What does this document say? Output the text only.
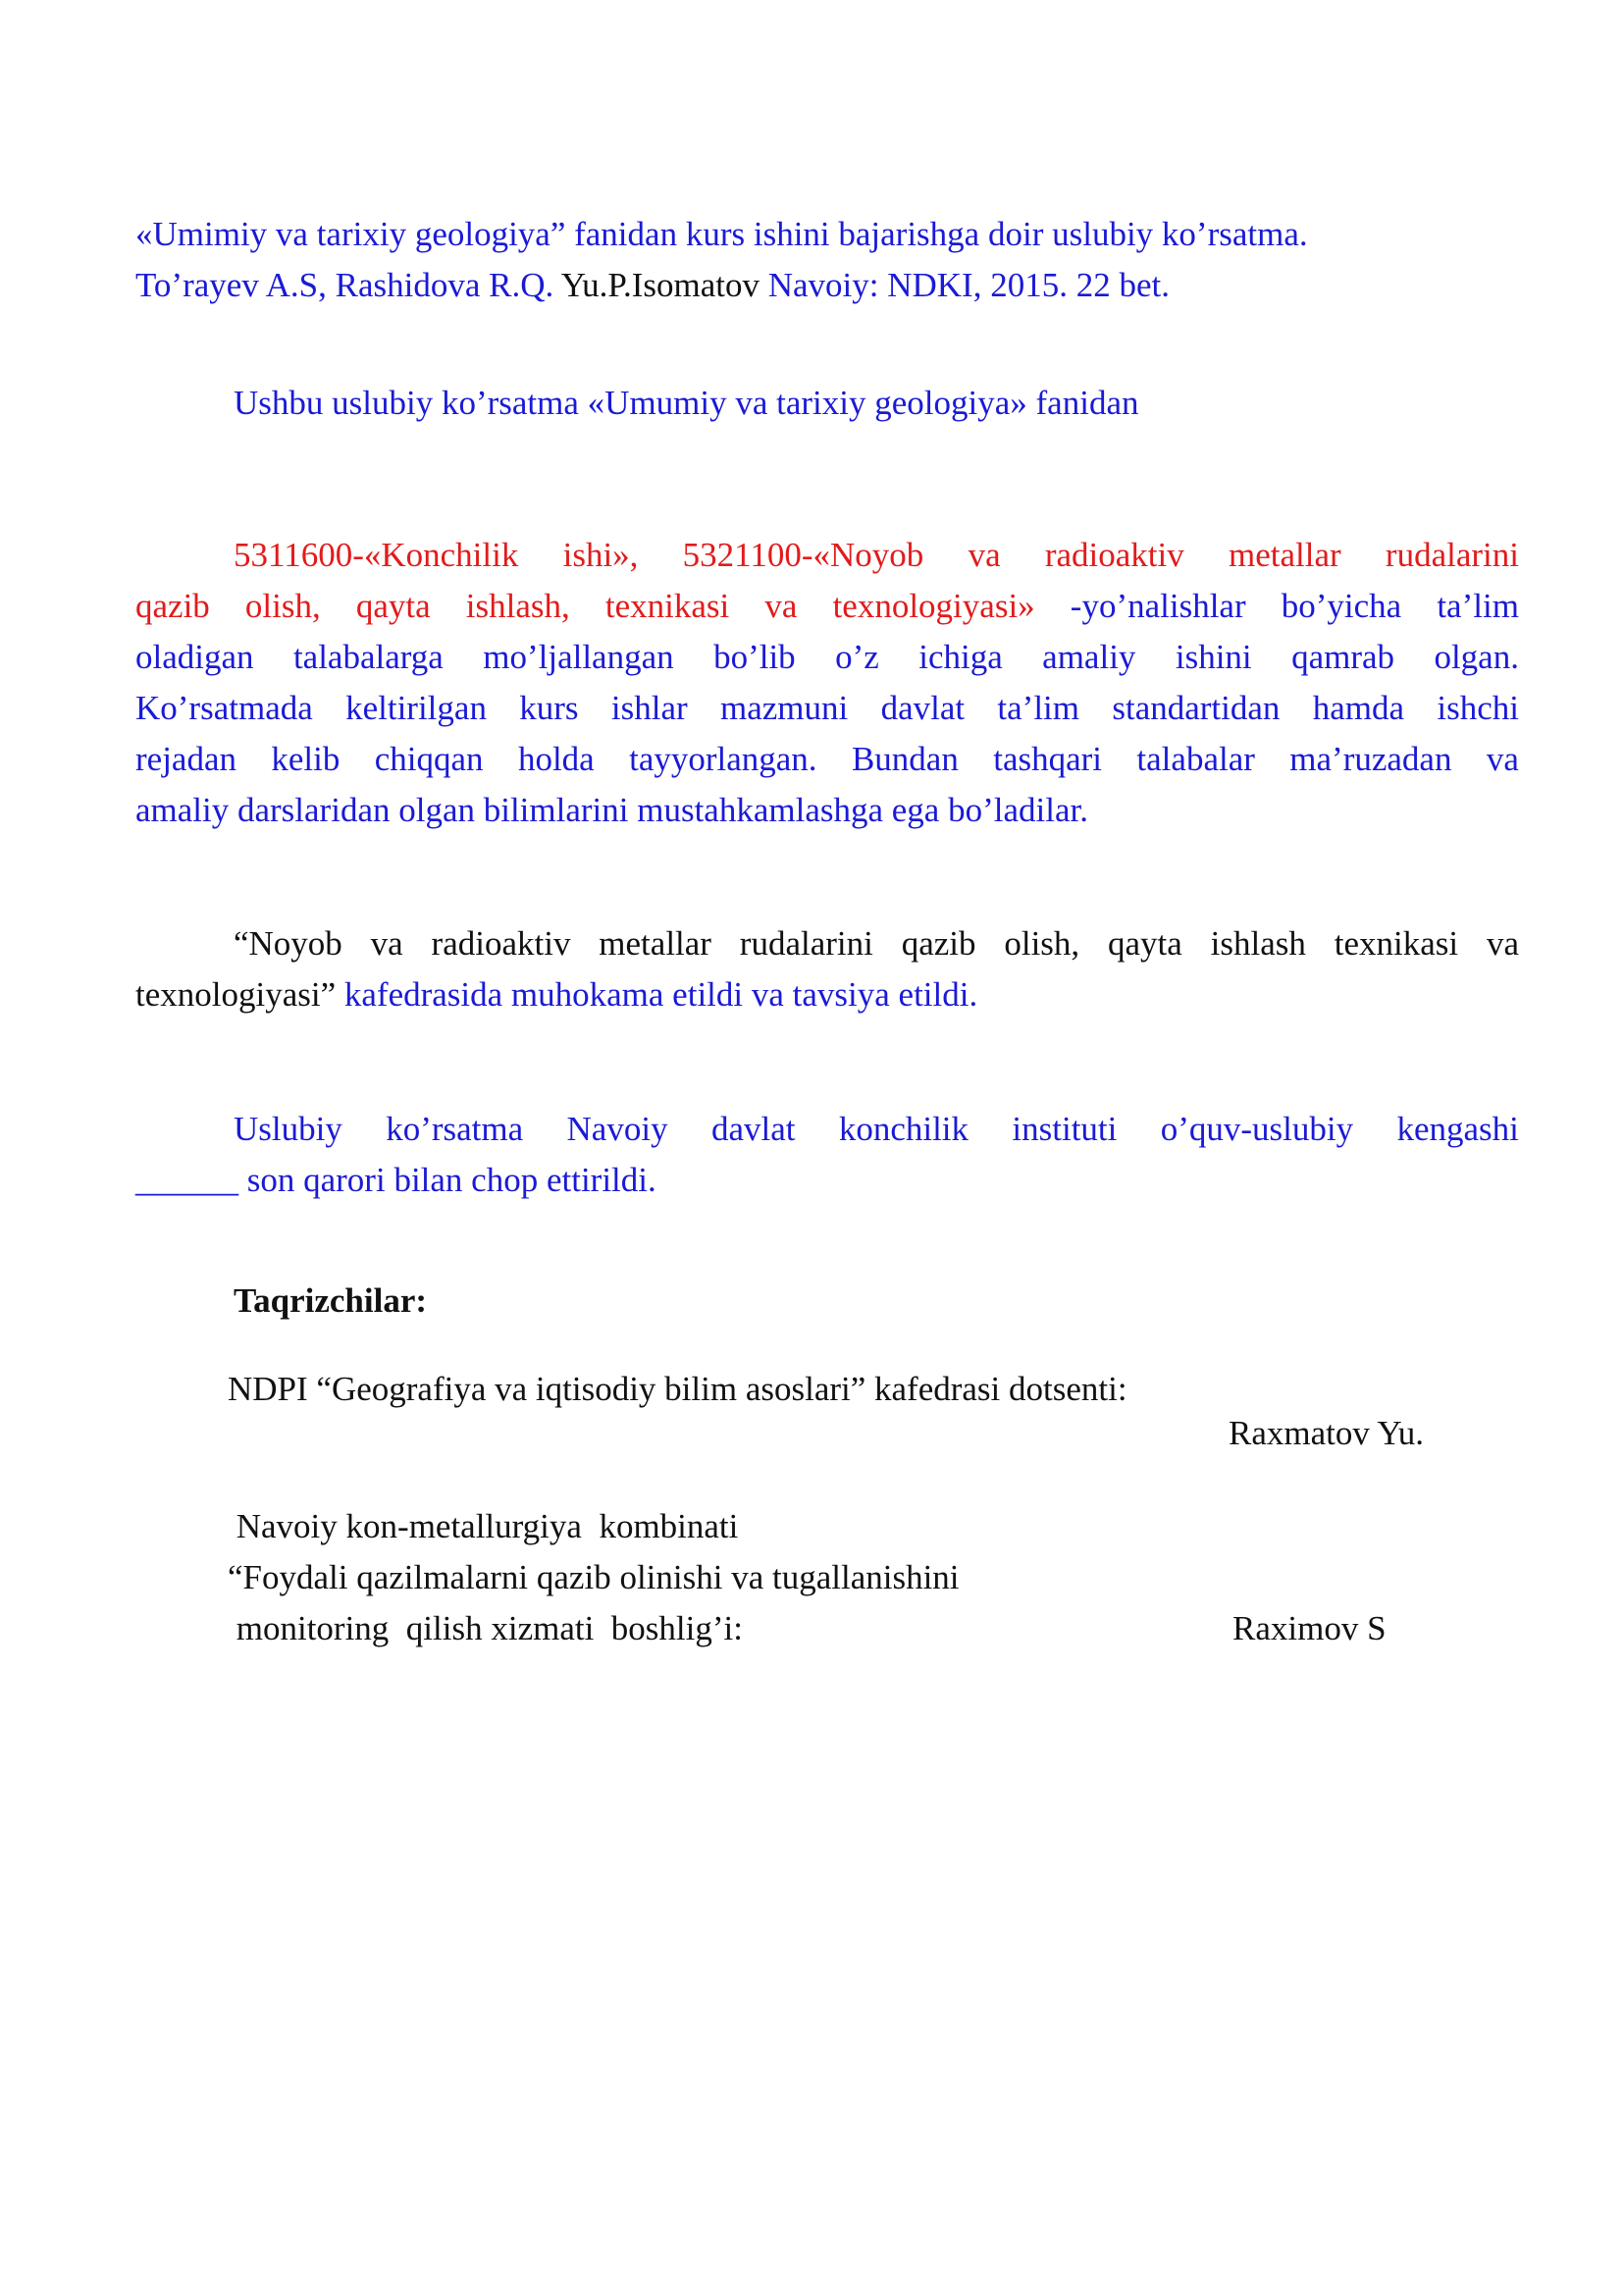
«Umimiy va tarixiy geologiya” fanidan kurs ishini bajarishga doir uslubiy ko’rsatma.
To’rayev A.S, Rashidova R.Q. Yu.P.Isomatov Navoiy: NDKI, 2015. 22 bet.
Ushbu uslubiy ko’rsatma «Umumiy va tarixiy geologiya» fanidan
5311600-«Konchilik ishi», 5321100-«Noyob va radioaktiv metallar rudalarini
qazib olish, qayta ishlash, texnikasi va texnologiyasi» -yo’nalishlar bo’yicha ta’lim
oladigan talabalarga mo’ljallangan bo’lib o’z ichiga amaliy ishini qamrab olgan.
Ko’rsatmada keltirilgan kurs ishlar mazmuni davlat ta’lim standartidan hamda ishchi
rejadan kelib chiqqan holda tayyorlangan. Bundan tashqari talabalar ma’ruzadan va
amaliy darslaridan olgan bilimlarini mustahkamlashga ega bo’ladilar.
“Noyob va radioaktiv metallar rudalarini qazib olish, qayta ishlash texnikasi va
texnologiyasi” kafedrasida muhokama etildi va tavsiya etildi.
Uslubiy ko’rsatma Navoiy davlat konchilik instituti o’quv-uslubiy kengashi
______ son qarori bilan chop ettirildi.
Taqrizchilar:
NDPI “Geografiya va iqtisodiy bilim asoslari” kafedrasi dotsenti:
Raxmatov Yu.
Navoiy kon-metallurgiya  kombinati
“Foydali qazilmalarni qazib olinishi va tugallanishini
monitoring  qilish xizmati  boshlig’i:	Raximov S
